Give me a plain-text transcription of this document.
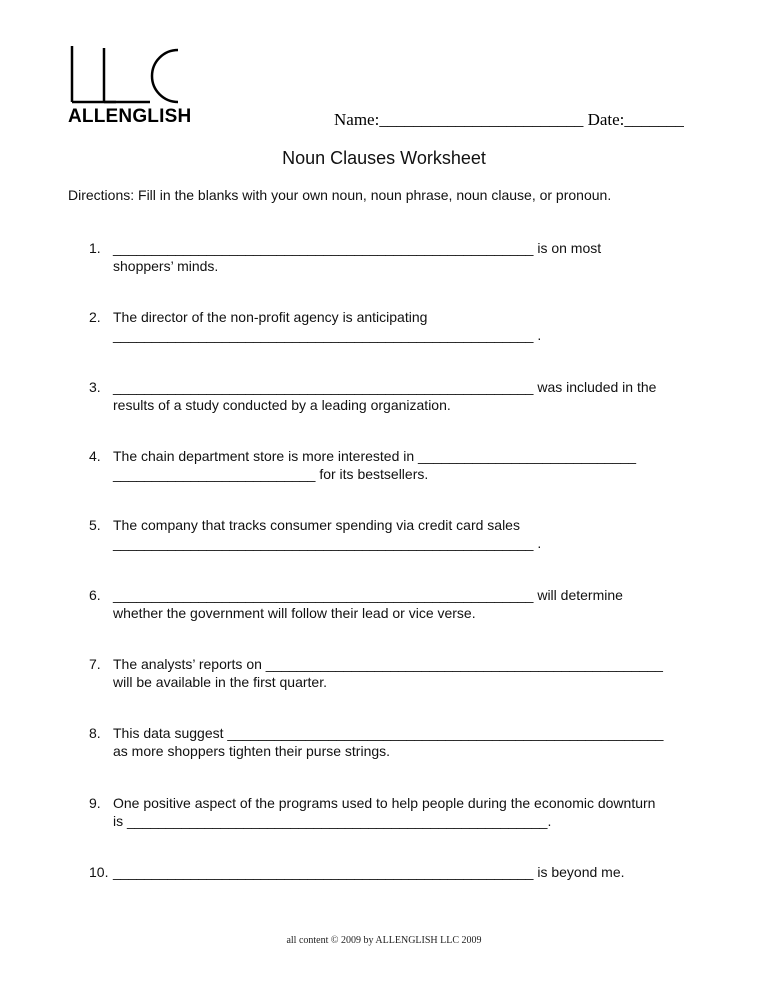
ALLENGLISH	Name:________________________ Date:_______
Noun Clauses Worksheet
Directions: Fill in the blanks with your own noun, noun phrase, noun clause, or pronoun.
1. ______________________________________________________ is on most
shoppers’ minds.
2. The director of the non-profit agency is anticipating
______________________________________________________ .
3. ______________________________________________________ was included in the
results of a study conducted by a leading organization.
4. The chain department store is more interested in ____________________________
__________________________ for its bestsellers.
5. The company that tracks consumer spending via credit card sales
______________________________________________________ .
6. ______________________________________________________ will determine
whether the government will follow their lead or vice verse.
7. The analysts’ reports on ___________________________________________________
will be available in the first quarter.
8. This data suggest ________________________________________________________
as more shoppers tighten their purse strings.
9. One positive aspect of the programs used to help people during the economic downturn
is ______________________________________________________.
10. ______________________________________________________ is beyond me.
all content © 2009 by ALLENGLISH LLC 2009
